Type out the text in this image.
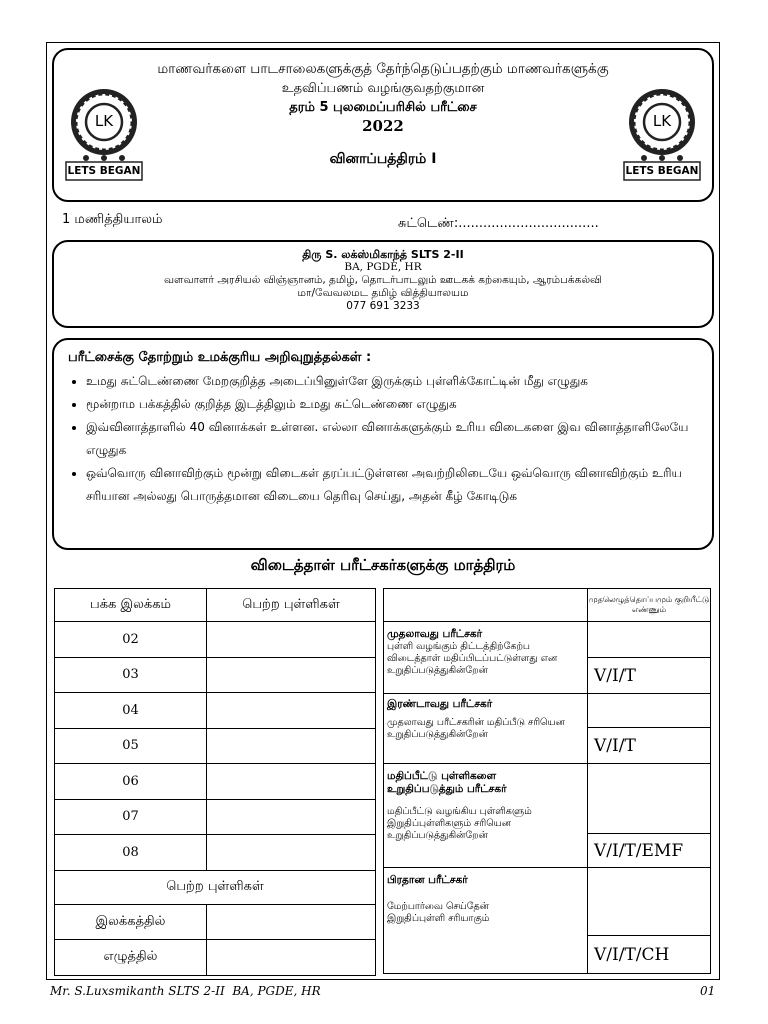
LK
LETS BEGAN
LK
LETS BEGAN
மாணவர்களை பாடசாலைகளுக்குத் தேர்ந்தெடுப்பதற்கும் மாணவர்களுக்கு
உதவிப்பணம் வழங்குவதற்குமான
தரம் 5 புலமைப்பரிசில் பரீட்சை
2022
வினாப்பத்திரம் I
1 மணித்தியாலம்	சுட்டெண்:..................................
திரு S. லக்ஸ்மிகாந்த் SLTS 2-II
BA, PGDE, HR
வளவாளர் அரசியல் விஞ்ஞானம், தமிழ், தொடர்பாடலும் ஊடகக் கற்கையும், ஆரம்பக்கல்வி
மா/வேவலமட தமிழ் வித்தியாலயம
077 691 3233
பரீட்சைக்கு தோற்றும் உமக்குரிய அறிவுறுத்தல்கள் :
• உமது சுட்டெண்ணை மேறகுறித்த அடைப்பினுள்ளே இருக்கும் புள்ளிக்கோட்டின் மீது எழுதுக
• மூன்றாம பக்கத்தில் குறித்த இடத்திலும் உமது சுட்டெண்ணை எழுதுக
• இவ்வினாத்தாளில் 40 வினாக்கள் உள்ளன. எல்லா வினாக்களுக்கும் உரிய விடைகளை இவ வினாத்தாளிலேயே எழுதுக
• ஒவ்வொரு வினாவிற்கும் மூன்று விடைகள் தரப்பட்டுள்ளன அவற்றிலிடையே ஒவ்வொரு வினாவிற்கும் உரிய சரியான அல்லது பொருத்தமான விடையை தெரிவு செய்து, அதன் கீழ் கோடிடுக
விடைத்தாள் பரீட்சகர்களுக்கு மாத்திரம்
பக்க இலக்கம்	பெற்ற புள்ளிகள்
02	
03	
04	
05	
06	
07	
08	
பெற்ற புள்ளிகள்	
இலக்கத்தில்	
எழுத்தில்	
	முதலெழுத்தொப்பமும் குறியீட்டு எண்ணும்

முதலாவது பரீட்சகர்
புள்ளி வழங்கும் திட்டத்திற்கேற்ப விடைத்தாள் மதிப்பிடப்பட்டுள்ளது என உறுதிப்படுத்துகின்றேன்	

	V/I/T

இரண்டாவது பரீட்சகர்
முதலாவது பரீட்சகரின் மதிப்பீடு சரியென உறுதிப்படுத்துகின்றேன்	

	V/I/T

மதிப்பீட்டு புள்ளிகளை உறுதிப்படுத்தும் பரீட்சகர்
மதிப்பீட்டு வழங்கிய புள்ளிகளும் இறுதிப்புள்ளிகளும் சரியென உறுதிப்படுத்துகின்றேன்	

	V/I/T/EMF

பிரதான பரீட்சகர்
மேற்பார்வை செய்தேன் இறுதிப்புள்ளி சரியாகும்	

	V/I/T/CH
Mr. S.Luxsmikanth SLTS 2-II  BA, PGDE, HR	01
